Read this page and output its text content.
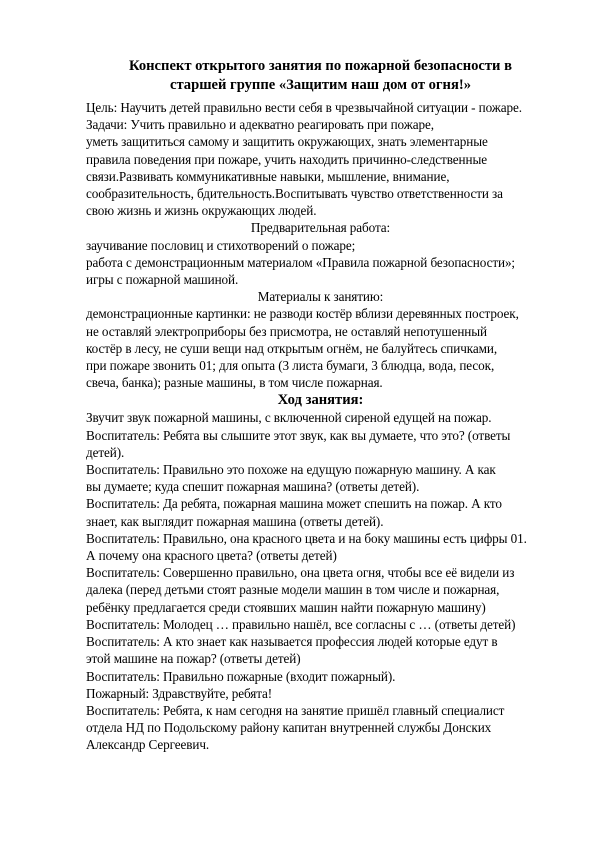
Конспект открытого занятия по пожарной безопасности в
старшей группе «Защитим наш дом от огня!»

Цель: Научить детей правильно вести себя в чрезвычайной ситуации - пожаре.

Задачи: Учить правильно и адекватно реагировать при пожаре,

уметь защититься самому и защитить окружающих, знать элементарные

правила поведения при пожаре, учить находить причинно-следственные

связи.Развивать коммуникативные навыки, мышление, внимание,

сообразительность, бдительность.Воспитывать чувство ответственности за

свою жизнь и жизнь окружающих людей.

Предварительная работа:

заучивание пословиц и стихотворений о пожаре;

работа с демонстрационным материалом «Правила пожарной безопасности»;

игры с пожарной машиной.

Материалы к занятию:

демонстрационные картинки: не разводи костёр вблизи деревянных построек,

не оставляй электроприборы без присмотра, не оставляй непотушенный

костёр в лесу, не суши вещи над открытым огнём, не балуйтесь спичками,

при пожаре звонить 01; для опыта (3 листа бумаги, 3 блюдца, вода, песок,

свеча, банка); разные машины, в том числе пожарная.

Ход занятия:

Звучит звук пожарной машины, с включенной сиреной едущей на пожар.

Воспитатель: Ребята вы слышите этот звук, как вы думаете, что это? (ответы

детей).

Воспитатель: Правильно это похоже на едущую пожарную машину. А как

вы думаете; куда спешит пожарная машина? (ответы детей).

Воспитатель: Да ребята, пожарная машина может спешить на пожар. А кто

знает, как выглядит пожарная машина (ответы детей).

Воспитатель: Правильно, она красного цвета и на боку машины есть цифры 01.

А почему она красного цвета? (ответы детей)

Воспитатель: Совершенно правильно, она цвета огня, чтобы все её видели из

далека (перед детьми стоят разные модели машин в том числе и пожарная,

ребёнку предлагается среди стоявших машин найти пожарную машину)

Воспитатель: Молодец … правильно нашёл, все согласны с … (ответы детей)

Воспитатель: А кто знает как называется профессия людей которые едут в

этой машине на пожар? (ответы детей)

Воспитатель: Правильно пожарные (входит пожарный).

Пожарный: Здравствуйте, ребята!

Воспитатель: Ребята, к нам сегодня на занятие пришёл главный специалист

отдела НД по Подольскому району капитан внутренней службы Донских

Александр Сергеевич.
